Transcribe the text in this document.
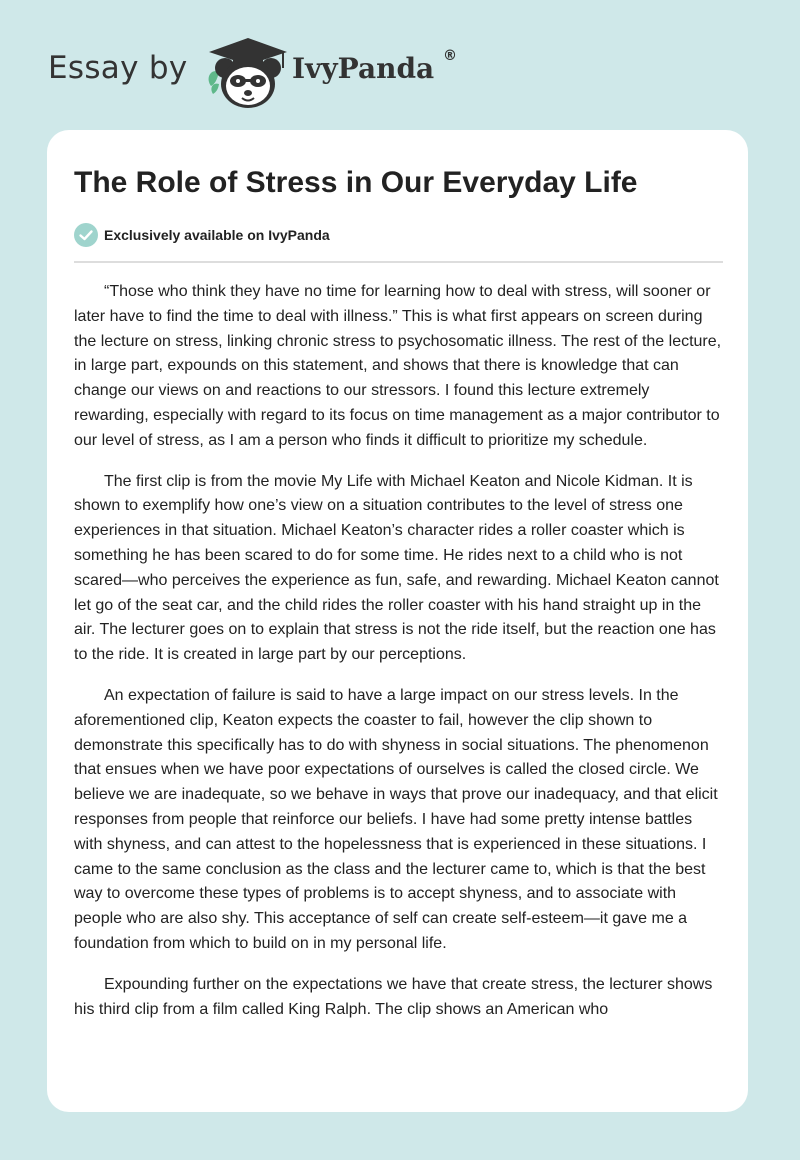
Essay by	IvyPanda ®
The Role of Stress in Our Everyday Life
Exclusively available on IvyPanda

“Those who think they have no time for learning how to deal with stress, will sooner or later have to find the time to deal with illness.” This is what first appears on screen during the lecture on stress, linking chronic stress to psychosomatic illness. The rest of the lecture, in large part, expounds on this statement, and shows that there is knowledge that can change our views on and reactions to our stressors. I found this lecture extremely rewarding, especially with regard to its focus on time management as a major contributor to our level of stress, as I am a person who finds it difficult to prioritize my schedule.

The first clip is from the movie My Life with Michael Keaton and Nicole Kidman. It is shown to exemplify how one’s view on a situation contributes to the level of stress one experiences in that situation. Michael Keaton’s character rides a roller coaster which is something he has been scared to do for some time. He rides next to a child who is not scared—who perceives the experience as fun, safe, and rewarding. Michael Keaton cannot let go of the seat car, and the child rides the roller coaster with his hand straight up in the air. The lecturer goes on to explain that stress is not the ride itself, but the reaction one has to the ride. It is created in large part by our perceptions.

An expectation of failure is said to have a large impact on our stress levels. In the aforementioned clip, Keaton expects the coaster to fail, however the clip shown to demonstrate this specifically has to do with shyness in social situations. The phenomenon that ensues when we have poor expectations of ourselves is called the closed circle. We believe we are inadequate, so we behave in ways that prove our inadequacy, and that elicit responses from people that reinforce our beliefs. I have had some pretty intense battles with shyness, and can attest to the hopelessness that is experienced in these situations. I came to the same conclusion as the class and the lecturer came to, which is that the best way to overcome these types of problems is to accept shyness, and to associate with people who are also shy. This acceptance of self can create self-esteem—it gave me a foundation from which to build on in my personal life.

Expounding further on the expectations we have that create stress, the lecturer shows his third clip from a film called King Ralph. The clip shows an American who
